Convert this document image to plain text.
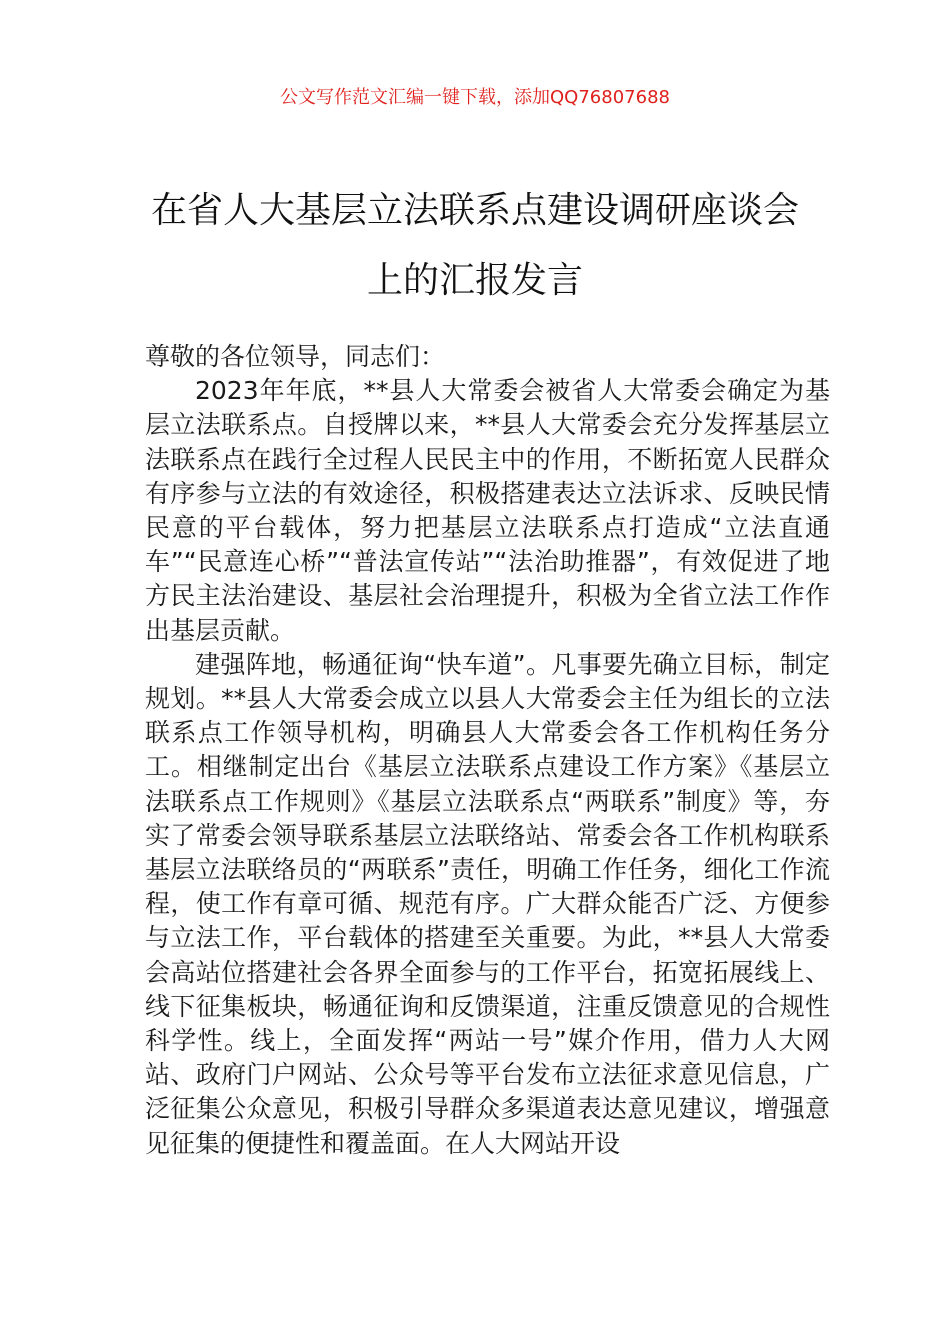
公文写作范文汇编一键下载，添加QQ76807688
在省人大基层立法联系点建设调研座谈会
上的汇报发言

尊敬的各位领导，同志们：

2023年年底，**县人大常委会被省人大常委会确定为基层立法联系点。自授牌以来，**县人大常委会充分发挥基层立法联系点在践行全过程人民民主中的作用，不断拓宽人民群众有序参与立法的有效途径，积极搭建表达立法诉求、反映民情民意的平台载体，努力把基层立法联系点打造成“立法直通车”“民意连心桥”“普法宣传站”“法治助推器”，有效促进了地方民主法治建设、基层社会治理提升，积极为全省立法工作作出基层贡献。

建强阵地，畅通征询“快车道”。凡事要先确立目标，制定规划。**县人大常委会成立以县人大常委会主任为组长的立法联系点工作领导机构，明确县人大常委会各工作机构任务分工。相继制定出台《基层立法联系点建设工作方案》《基层立法联系点工作规则》《基层立法联系点“两联系”制度》等，夯实了常委会领导联系基层立法联络站、常委会各工作机构联系基层立法联络员的“两联系”责任，明确工作任务，细化工作流程，使工作有章可循、规范有序。广大群众能否广泛、方便参与立法工作，平台载体的搭建至关重要。为此，**县人大常委会高站位搭建社会各界全面参与的工作平台，拓宽拓展线上、线下征集板块，畅通征询和反馈渠道，注重反馈意见的合规性科学性。线上，全面发挥“两站一号”媒介作用，借力人大网站、政府门户网站、公众号等平台发布立法征求意见信息，广泛征集公众意见，积极引导群众多渠道表达意见建议，增强意见征集的便捷性和覆盖面。在人大网站开设
